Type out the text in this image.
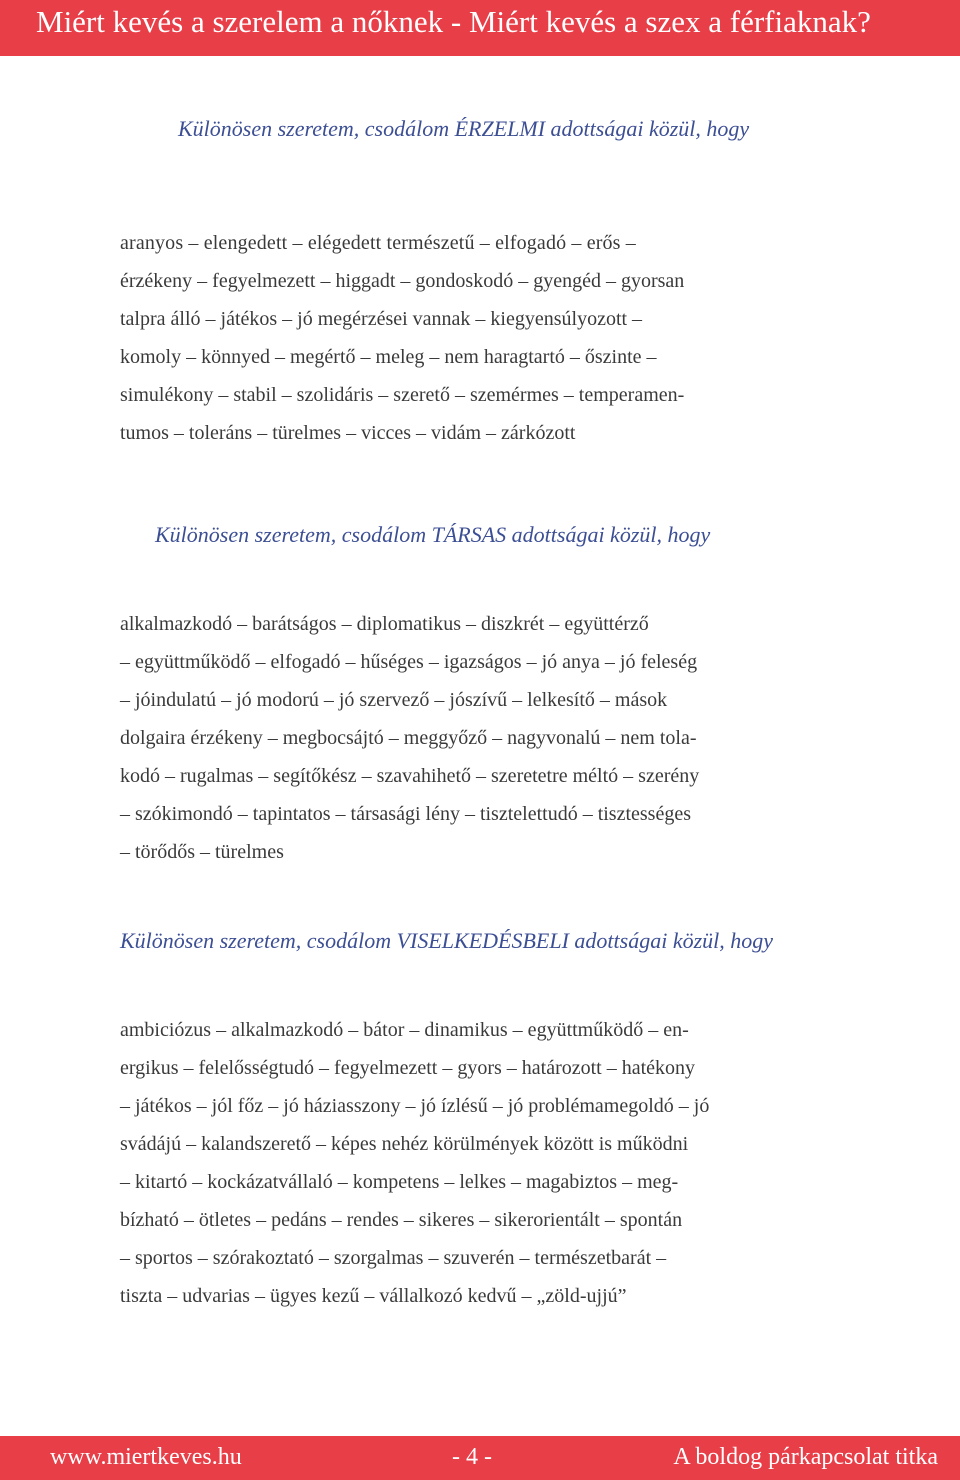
Miért kevés a szerelem a nőknek - Miért kevés a szex a férfiaknak?
Különösen szeretem, csodálom ÉRZELMI adottságai közül, hogy
aranyos – elengedett – elégedett természetű – elfogadó – erős –
érzékeny – fegyelmezett – higgadt – gondoskodó – gyengéd – gyorsan
talpra álló – játékos – jó megérzései vannak – kiegyensúlyozott –
komoly – könnyed – megértő – meleg – nem haragtartó – őszinte –
simulékony – stabil – szolidáris – szerető – szemérmes – temperamen-
tumos – toleráns – türelmes – vicces – vidám – zárkózott
Különösen szeretem, csodálom TÁRSAS adottságai közül, hogy
alkalmazkodó – barátságos – diplomatikus – diszkrét – együttérző
– együttműködő – elfogadó – hűséges – igazságos – jó anya – jó feleség
– jóindulatú – jó modorú – jó szervező – jószívű – lelkesítő – mások
dolgaira érzékeny – megbocsájtó – meggyőző – nagyvonalú – nem tola-
kodó – rugalmas – segítőkész – szavahihető – szeretetre méltó – szerény
– szókimondó – tapintatos – társasági lény – tisztelettudó – tisztességes
– törődős – türelmes
Különösen szeretem, csodálom VISELKEDÉSBELI adottságai közül, hogy
ambiciózus – alkalmazkodó – bátor – dinamikus – együttműködő – en-
ergikus – felelősségtudó – fegyelmezett – gyors – határozott – hatékony
– játékos – jól főz – jó háziasszony – jó ízlésű – jó problémamegoldó – jó
svádájú – kalandszerető – képes nehéz körülmények között is működni
– kitartó – kockázatvállaló – kompetens – lelkes – magabiztos – meg-
bízható – ötletes – pedáns – rendes – sikeres – sikerorientált – spontán
– sportos – szórakoztató – szorgalmas – szuverén – természetbarát –
tiszta – udvarias – ügyes kezű – vállalkozó kedvű – „zöld-ujjú”
www.miertkeves.hu	- 4 -	A boldog párkapcsolat titka
